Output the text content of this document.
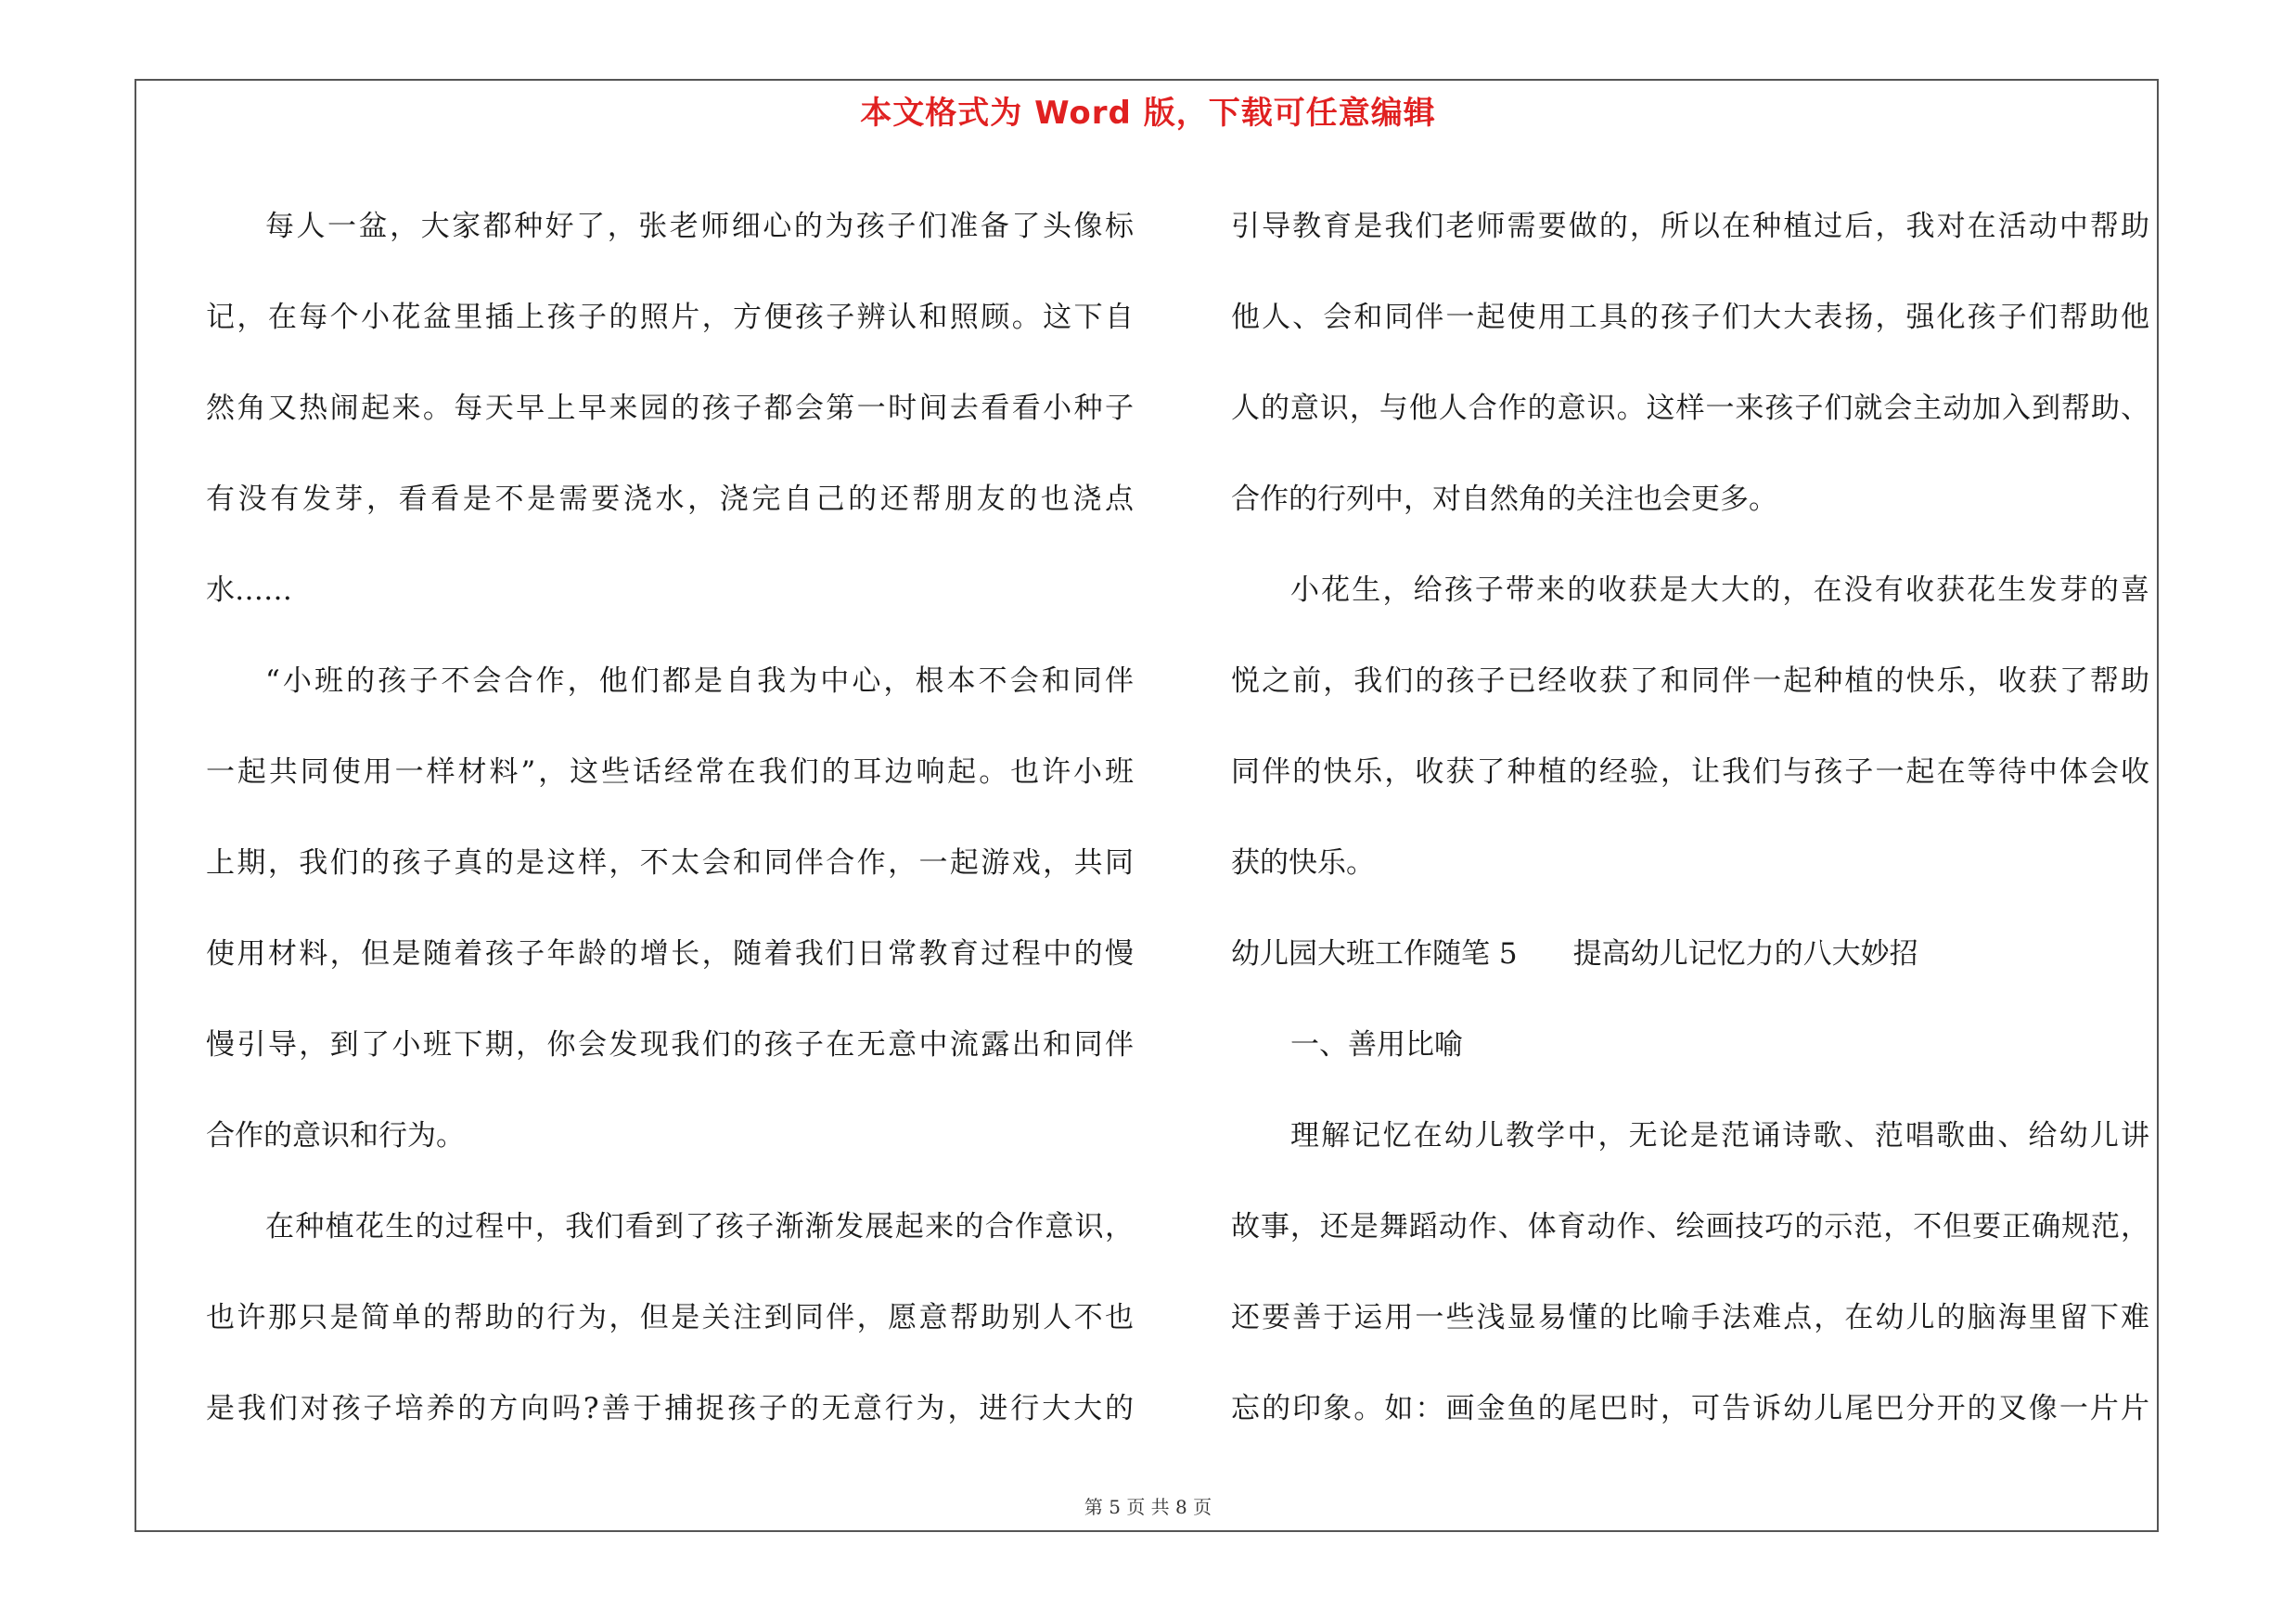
本文格式为 Word 版，下载可任意编辑
每人一盆，大家都种好了，张老师细心的为孩子们准备了头像标
记，在每个小花盆里插上孩子的照片，方便孩子辨认和照顾。这下自
然角又热闹起来。每天早上早来园的孩子都会第一时间去看看小种子
有没有发芽，看看是不是需要浇水，浇完自己的还帮朋友的也浇点
水……
“小班的孩子不会合作，他们都是自我为中心，根本不会和同伴
一起共同使用一样材料”，这些话经常在我们的耳边响起。也许小班
上期，我们的孩子真的是这样，不太会和同伴合作，一起游戏，共同
使用材料，但是随着孩子年龄的增长，随着我们日常教育过程中的慢
慢引导，到了小班下期，你会发现我们的孩子在无意中流露出和同伴
合作的意识和行为。
在种植花生的过程中，我们看到了孩子渐渐发展起来的合作意识，
也许那只是简单的帮助的行为，但是关注到同伴，愿意帮助别人不也
是我们对孩子培养的方向吗?善于捕捉孩子的无意行为，进行大大的
引导教育是我们老师需要做的，所以在种植过后，我对在活动中帮助
他人、会和同伴一起使用工具的孩子们大大表扬，强化孩子们帮助他
人的意识，与他人合作的意识。这样一来孩子们就会主动加入到帮助、
合作的行列中，对自然角的关注也会更多。
小花生，给孩子带来的收获是大大的，在没有收获花生发芽的喜
悦之前，我们的孩子已经收获了和同伴一起种植的快乐，收获了帮助
同伴的快乐，收获了种植的经验，让我们与孩子一起在等待中体会收
获的快乐。
幼儿园大班工作随笔 5 提高幼儿记忆力的八大妙招
一、善用比喻
理解记忆在幼儿教学中，无论是范诵诗歌、范唱歌曲、给幼儿讲
故事，还是舞蹈动作、体育动作、绘画技巧的示范，不但要正确规范，
还要善于运用一些浅显易懂的比喻手法难点，在幼儿的脑海里留下难
忘的印象。如：画金鱼的尾巴时，可告诉幼儿尾巴分开的叉像一片片
第 5 页 共 8 页
